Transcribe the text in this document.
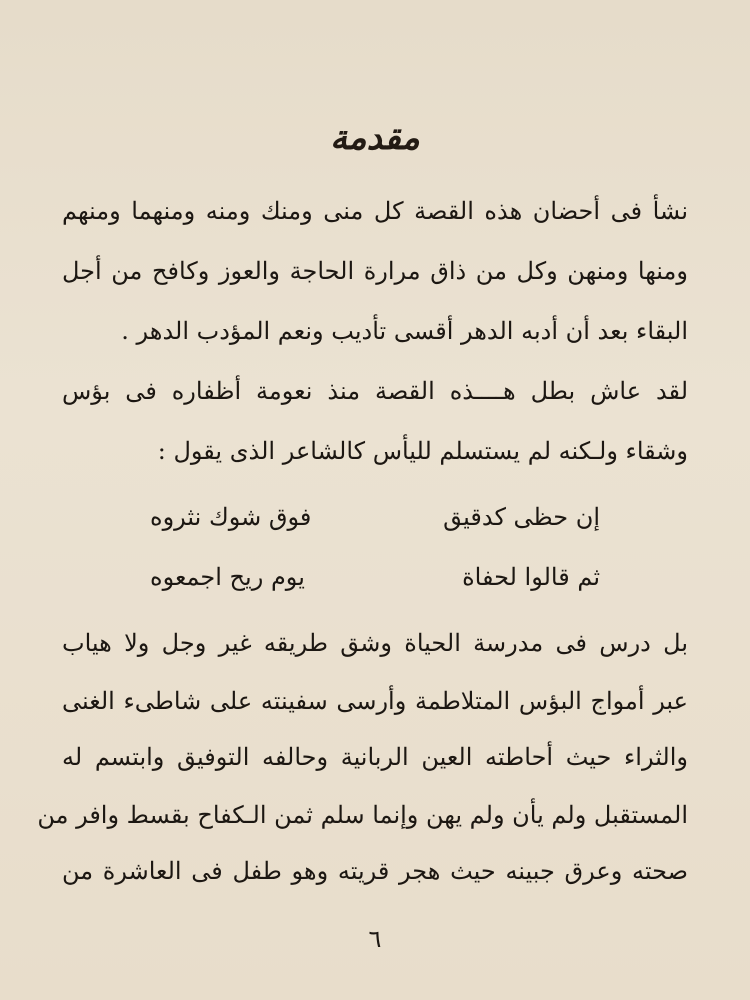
مقدمة
نشأ فى أحضان هذه القصة كل منى ومنك ومنه ومنهما ومنهم
ومنها ومنهن وكل من ذاق مرارة الحاجة والعوز وكافح من أجل
البقاء بعد أن أدبه الدهر أقسى تأديب ونعم المؤدب الدهر .
لقد عاش بطل هــــذه القصة منذ نعومة أظفاره فى بؤس
وشقاء ولـكنه لم يستسلم لليأس كالشاعر الذى يقول :
إن حظى كدقيق
فوق شوك نثروه
ثم قالوا لحفاة
يوم ريح اجمعوه
بل درس فى مدرسة الحياة وشق طريقه غير وجل ولا هياب
عبر أمواج البؤس المتلاطمة وأرسى سفينته على شاطىء الغنى
والثراء حيث أحاطته العين الربانية وحالفه التوفيق وابتسم له
المستقبل ولم يأن ولم يهن وإنما سلم ثمن الـكفاح بقسط وافر من
صحته وعرق جبينه حيث هجر قريته وهو طفل فى العاشرة من
٦
